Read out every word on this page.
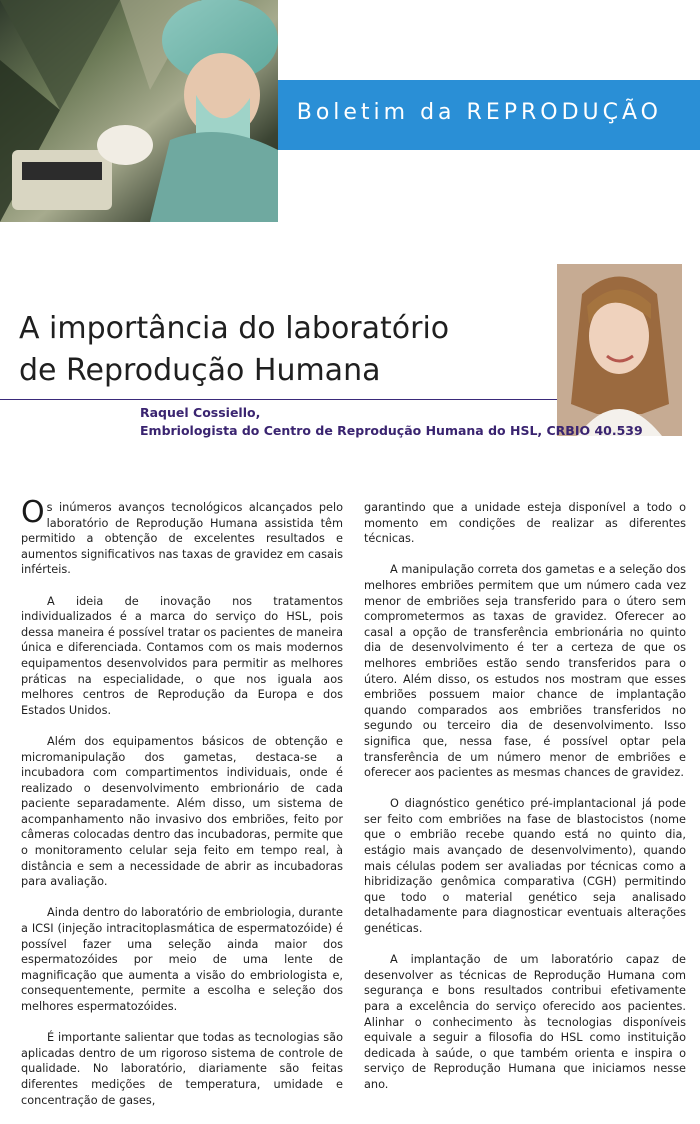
Boletim da REPRODUÇÃO
A importância do laboratório
de Reprodução Humana
Raquel Cossiello,
Embriologista do Centro de Reprodução Humana do HSL, CRBIO 40.539

Os inúmeros avanços tecnológicos alcançados pelo laboratório de Reprodução Humana assistida têm permitido a obtenção de excelentes resultados e aumentos significativos nas taxas de gravidez em casais inférteis.

A ideia de inovação nos tratamentos individualizados é a marca do serviço do HSL, pois dessa maneira é possível tratar os pacientes de maneira única e diferenciada. Contamos com os mais modernos equipamentos desenvolvidos para permitir as melhores práticas na especialidade, o que nos iguala aos melhores centros de Reprodução da Europa e dos Estados Unidos.

Além dos equipamentos básicos de obtenção e micromanipulação dos gametas, destaca-se a incubadora com compartimentos individuais, onde é realizado o desenvolvimento embrionário de cada paciente separadamente. Além disso, um sistema de acompanhamento não invasivo dos embriões, feito por câmeras colocadas dentro das incubadoras, permite que o monitoramento celular seja feito em tempo real, à distância e sem a necessidade de abrir as incubadoras para avaliação.

Ainda dentro do laboratório de embriologia, durante a ICSI (injeção intracitoplasmática de espermatozóide) é possível fazer uma seleção ainda maior dos espermatozóides por meio de uma lente de magnificação que aumenta a visão do embriologista e, consequentemente, permite a escolha e seleção dos melhores espermatozóides.

É importante salientar que todas as tecnologias são aplicadas dentro de um rigoroso sistema de controle de qualidade. No laboratório, diariamente são feitas diferentes medições de temperatura, umidade e concentração de gases,

garantindo que a unidade esteja disponível a todo o momento em condições de realizar as diferentes técnicas.

A manipulação correta dos gametas e a seleção dos melhores embriões permitem que um número cada vez menor de embriões seja transferido para o útero sem comprometermos as taxas de gravidez. Oferecer ao casal a opção de transferência embrionária no quinto dia de desenvolvimento é ter a certeza de que os melhores embriões estão sendo transferidos para o útero. Além disso, os estudos nos mostram que esses embriões possuem maior chance de implantação quando comparados aos embriões transferidos no segundo ou terceiro dia de desenvolvimento. Isso significa que, nessa fase, é possível optar pela transferência de um número menor de embriões e oferecer aos pacientes as mesmas chances de gravidez.

O diagnóstico genético pré-implantacional já pode ser feito com embriões na fase de blastocistos (nome que o embrião recebe quando está no quinto dia, estágio mais avançado de desenvolvimento), quando mais células podem ser avaliadas por técnicas como a hibridização genômica comparativa (CGH) permitindo que todo o material genético seja analisado detalhadamente para diagnosticar eventuais alterações genéticas.

A implantação de um laboratório capaz de desenvolver as técnicas de Reprodução Humana com segurança e bons resultados contribui efetivamente para a excelência do serviço oferecido aos pacientes. Alinhar o conhecimento às tecnologias disponíveis equivale a seguir a filosofia do HSL como instituição dedicada à saúde, o que também orienta e inspira o serviço de Reprodução Humana que iniciamos nesse ano.
